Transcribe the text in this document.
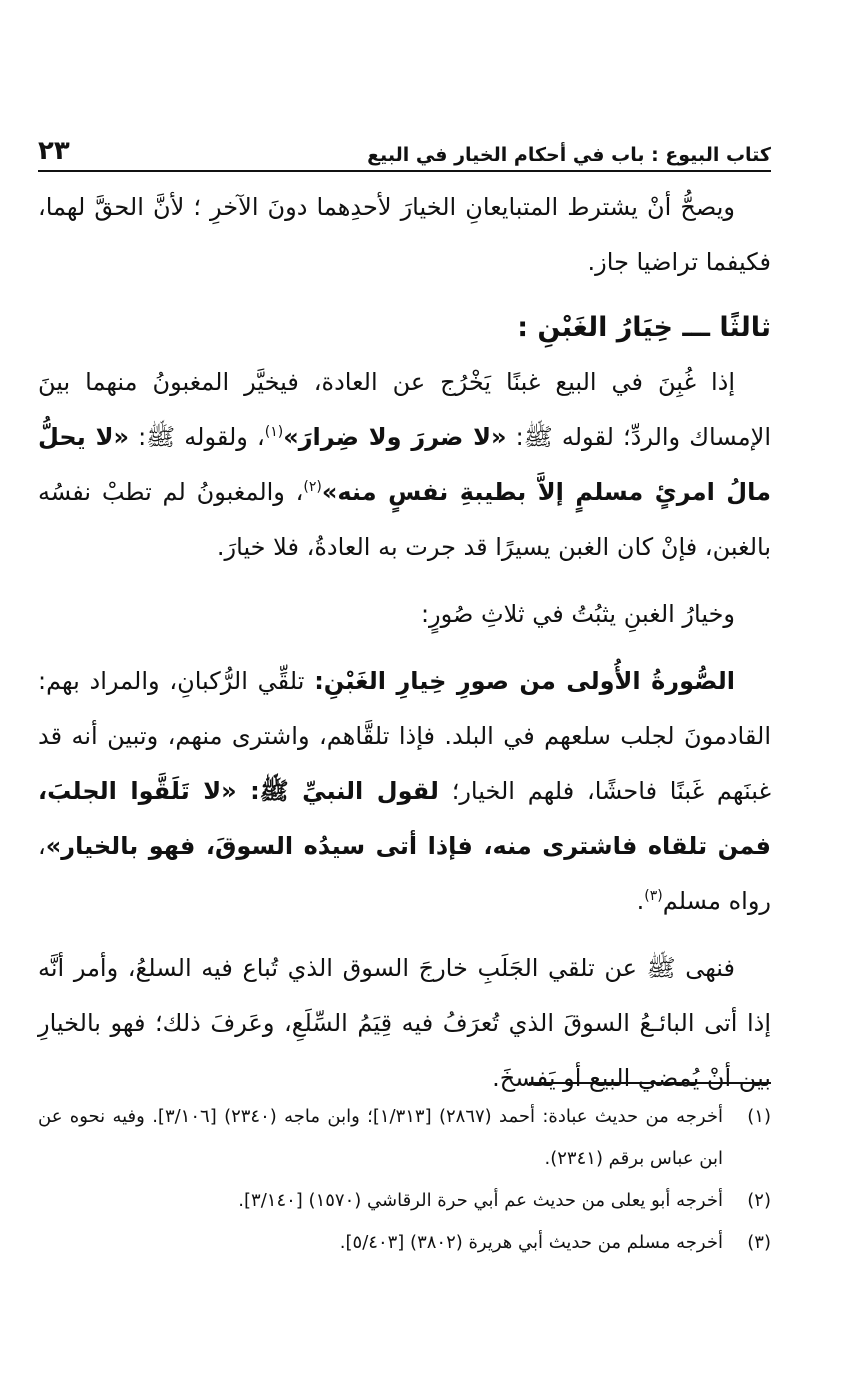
كتاب البيوع : باب في أحكام الخيار في البيع
٢٣

ويصحُّ أنْ يشترط المتبايعانِ الخيارَ لأحدِهما دونَ الآخرِ ؛ لأنَّ الحقَّ لهما، فكيفما تراضيا جاز.

ثالثًا ـــ خِيَارُ الغَبْنِ :

إذا غُبِنَ في البيع غبنًا يَخْرُج عن العادة، فيخيَّر المغبونُ منهما بينَ الإمساك والردِّ؛ لقوله ﷺ: «لا ضررَ ولا ضِرارَ»$^{(١)}$، ولقوله ﷺ: «لا يحلُّ مالُ امرئٍ مسلمٍ إلاَّ بطيبةِ نفسٍ منه»$^{(٢)}$، والمغبونُ لم تطبْ نفسُه بالغبن، فإنْ كان الغبن يسيرًا قد جرت به العادةُ، فلا خيارَ.

وخيارُ الغبنِ يثبُتُ في ثلاثِ صُورٍ:

الصُّورةُ الأُولى من صورِ خِيارِ الغَبْنِ: تلقِّي الرُّكبانِ، والمراد بهم: القادمونَ لجلب سلعهم في البلد. فإذا تلقَّاهم، واشترى منهم، وتبين أنه قد غبنَهم غَبنًا فاحشًا، فلهم الخيار؛ لقول النبيِّ ﷺ: «لا تَلَقَّوا الجلبَ، فمن تلقاه فاشترى منه، فإذا أتى سيدُه السوقَ، فهو بالخيار»، رواه مسلم$^{(٣)}$.

فنهى ﷺ عن تلقي الجَلَبِ خارجَ السوق الذي تُباع فيه السلعُ، وأمر أنَّه إذا أتى البائـعُ السوقَ الذي تُعرَفُ فيه قِيَمُ السِّلَعِ، وعَرفَ ذلك؛ فهو بالخيارِ بين أنْ يُمضي البيع أو يَفسخَ.

(١)
أخرجه من حديث عبادة: أحمد (٢٨٦٧) [١/٣١٣]؛ وابن ماجه (٢٣٤٠) [٣/١٠٦]. وفيه نحوه عن ابن عباس برقم (٢٣٤١).
(٢)
أخرجه أبو يعلى من حديث عم أبي حرة الرقاشي (١٥٧٠) [٣/١٤٠].
(٣)
أخرجه مسلم من حديث أبي هريرة (٣٨٠٢) [٥/٤٠٣].
